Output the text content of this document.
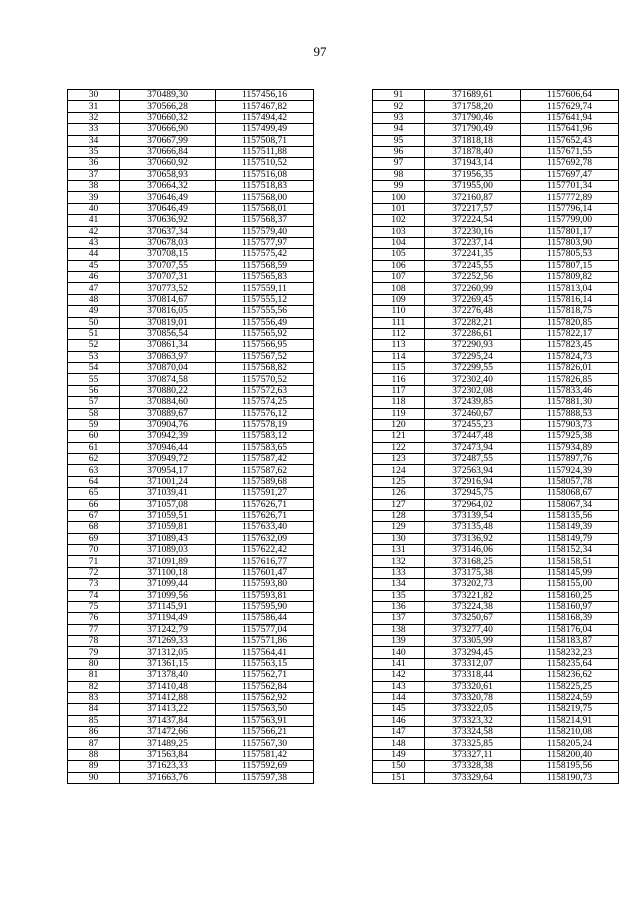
97
30	370489,30	1157456,16
31	370566,28	1157467,82
32	370660,32	1157494,42
33	370666,90	1157499,49
34	370667,99	1157508,71
35	370666,84	1157511,88
36	370660,92	1157510,52
37	370658,93	1157516,08
38	370664,32	1157518,83
39	370646,49	1157568,00
40	370646,49	1157568,01
41	370636,92	1157568,37
42	370637,34	1157579,40
43	370678,03	1157577,97
44	370708,15	1157575,42
45	370707,55	1157568,59
46	370707,31	1157565,83
47	370773,52	1157559,11
48	370814,67	1157555,12
49	370816,05	1157555,56
50	370819,01	1157556,49
51	370856,54	1157565,92
52	370861,34	1157566,95
53	370863,97	1157567,52
54	370870,04	1157568,82
55	370874,58	1157570,52
56	370880,22	1157572,63
57	370884,60	1157574,25
58	370889,67	1157576,12
59	370904,76	1157578,19
60	370942,39	1157583,12
61	370946,44	1157583,65
62	370949,72	1157587,42
63	370954,17	1157587,62
64	371001,24	1157589,68
65	371039,41	1157591,27
66	371057,08	1157626,71
67	371059,51	1157626,71
68	371059,81	1157633,40
69	371089,43	1157632,09
70	371089,03	1157622,42
71	371091,89	1157616,77
72	371100,18	1157601,47
73	371099,44	1157593,80
74	371099,56	1157593,81
75	371145,91	1157595,90
76	371194,49	1157586,44
77	371242,79	1157577,04
78	371269,33	1157571,86
79	371312,05	1157564,41
80	371361,15	1157563,15
81	371378,40	1157562,71
82	371410,48	1157562,84
83	371412,88	1157562,92
84	371413,22	1157563,50
85	371437,84	1157563,91
86	371472,66	1157566,21
87	371489,25	1157567,30
88	371563,84	1157581,42
89	371623,33	1157592,69
90	371663,76	1157597,38
91	371689,61	1157606,64
92	371758,20	1157629,74
93	371790,46	1157641,94
94	371790,49	1157641,96
95	371818,18	1157652,43
96	371878,40	1157671,55
97	371943,14	1157692,78
98	371956,35	1157697,47
99	371955,00	1157701,34
100	372160,87	1157772,89
101	372217,57	1157796,14
102	372224,54	1157799,00
103	372230,16	1157801,17
104	372237,14	1157803,90
105	372241,35	1157805,53
106	372245,55	1157807,15
107	372252,56	1157809,82
108	372260,99	1157813,04
109	372269,45	1157816,14
110	372276,48	1157818,75
111	372282,21	1157820,85
112	372286,61	1157822,17
113	372290,93	1157823,45
114	372295,24	1157824,73
115	372299,55	1157826,01
116	372302,40	1157826,85
117	372302,08	1157833,46
118	372439,85	1157881,30
119	372460,67	1157888,53
120	372455,23	1157903,73
121	372447,48	1157925,38
122	372473,94	1157934,89
123	372487,55	1157897,76
124	372563,94	1157924,39
125	372916,94	1158057,78
126	372945,75	1158068,67
127	372964,02	1158067,34
128	373139,54	1158135,56
129	373135,48	1158149,39
130	373136,92	1158149,79
131	373146,06	1158152,34
132	373168,25	1158158,51
133	373175,38	1158145,99
134	373202,73	1158155,00
135	373221,82	1158160,25
136	373224,38	1158160,97
137	373250,67	1158168,39
138	373277,40	1158176,04
139	373305,99	1158183,87
140	373294,45	1158232,23
141	373312,07	1158235,64
142	373318,44	1158236,62
143	373320,61	1158225,25
144	373320,78	1158224,59
145	373322,05	1158219,75
146	373323,32	1158214,91
147	373324,58	1158210,08
148	373325,85	1158205,24
149	373327,11	1158200,40
150	373328,38	1158195,56
151	373329,64	1158190,73
